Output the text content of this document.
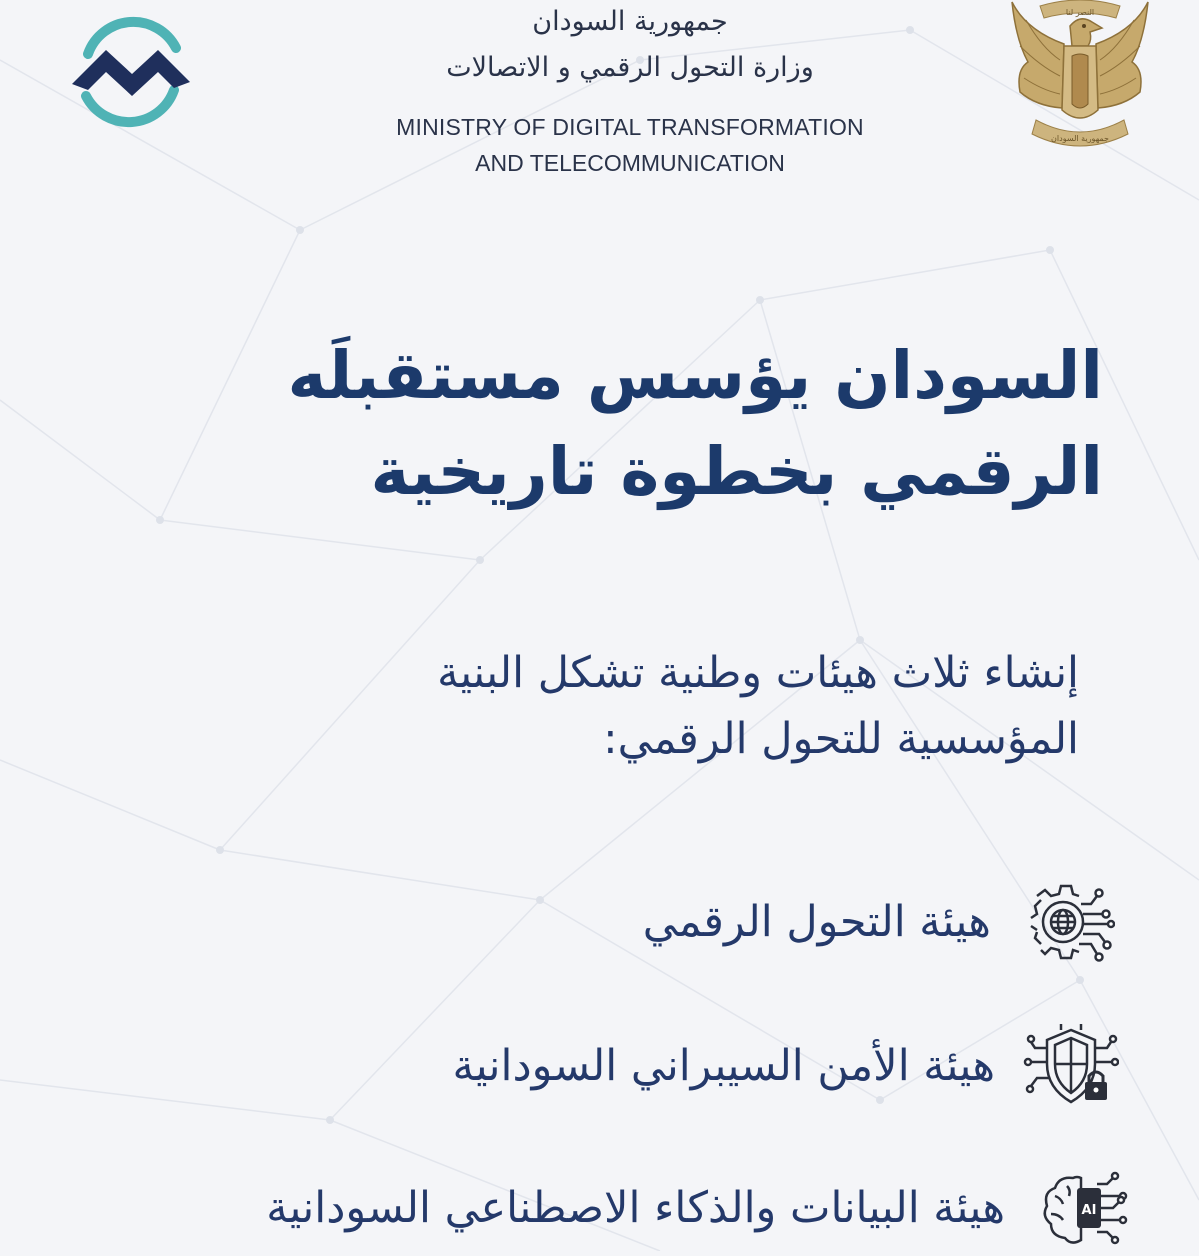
جمهورية السودان
وزارة التحول الرقمي و الاتصالات
MINISTRY OF DIGITAL TRANSFORMATION
AND TELECOMMUNICATION
النصر لنا
جمهورية السودان
السودان يؤسس مستقبلَه
الرقمي بخطوة تاريخية

إنشاء ثلاث هيئات وطنية تشكل البنية
المؤسسية للتحول الرقمي:

هيئة التحول الرقمي
هيئة الأمن السيبراني السودانية
AI
هيئة البيانات والذكاء الاصطناعي السودانية
